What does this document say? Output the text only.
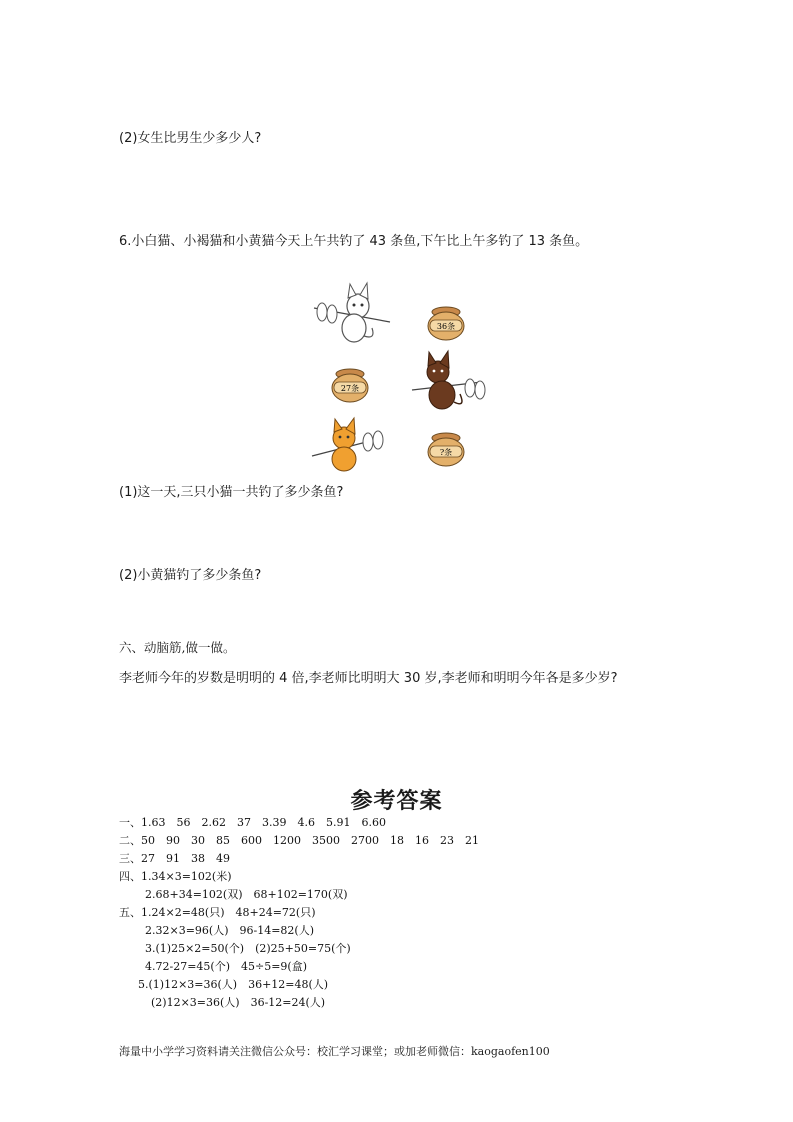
(2)女生比男生少多少人?
6.小白猫、小褐猫和小黄猫今天上午共钓了 43 条鱼,下午比上午多钓了 13 条鱼。
36条
27条
?条
(1)这一天,三只小猫一共钓了多少条鱼?
(2)小黄猫钓了多少条鱼?
六、动脑筋,做一做。
李老师今年的岁数是明明的 4 倍,李老师比明明大 30 岁,李老师和明明今年各是多少岁?
参考答案
一、1.63　56　2.62　37　3.39　4.6　5.91　6.60
二、50　90　30　85　600　1200　3500　2700　18　16　23　21
三、27　91　38　49
四、1.34×3=102(米)
2.68+34=102(双)　68+102=170(双)
五、1.24×2=48(只)　48+24=72(只)
2.32×3=96(人)　96-14=82(人)
3.(1)25×2=50(个)　(2)25+50=75(个)
4.72-27=45(个)　45÷5=9(盒)
5.(1)12×3=36(人)　36+12=48(人)
(2)12×3=36(人)　36-12=24(人)
海量中小学学习资料请关注微信公众号：校汇学习课堂；或加老师微信：kaogaofen100
